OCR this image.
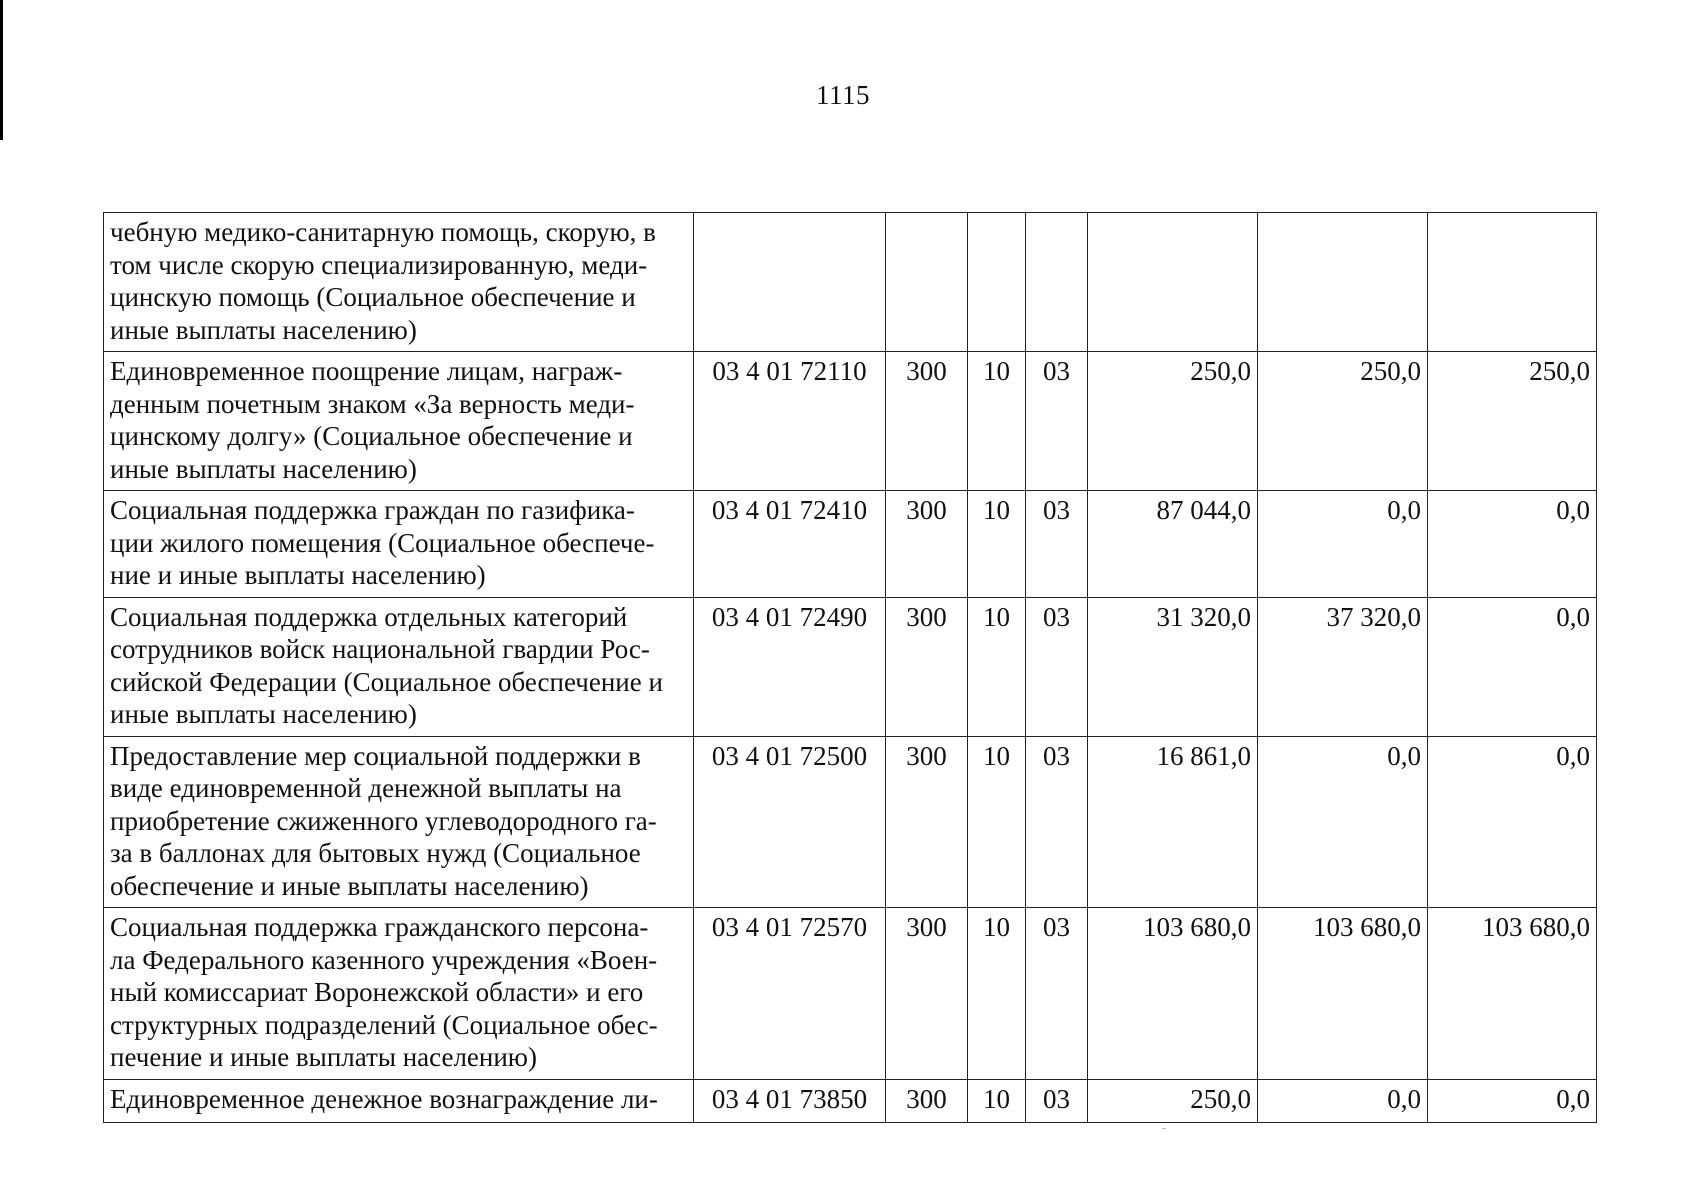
1115
чебную медико-санитарную помощь, скорую, в
том числе скорую специализированную, меди-
цинскую помощь (Социальное обеспечение и
иные выплаты населению)							

Единовременное поощрение лицам, награж-
денным почетным знаком «За верность меди-
цинскому долгу» (Социальное обеспечение и
иные выплаты населению)	03 4 01 72110	300	10	03	250,0	250,0	250,0

Социальная поддержка граждан по газифика-
ции жилого помещения (Социальное обеспече-
ние и иные выплаты населению)	03 4 01 72410	300	10	03	87 044,0	0,0	0,0

Социальная поддержка отдельных категорий
сотрудников войск национальной гвардии Рос-
сийской Федерации (Социальное обеспечение и
иные выплаты населению)	03 4 01 72490	300	10	03	31 320,0	37 320,0	0,0

Предоставление мер социальной поддержки в
виде единовременной денежной выплаты на
приобретение сжиженного углеводородного га-
за в баллонах для бытовых нужд (Социальное
обеспечение и иные выплаты населению)	03 4 01 72500	300	10	03	16 861,0	0,0	0,0

Социальная поддержка гражданского персона-
ла Федерального казенного учреждения «Воен-
ный комиссариат Воронежской области» и его
структурных подразделений (Социальное обес-
печение и иные выплаты населению)	03 4 01 72570	300	10	03	103 680,0	103 680,0	103 680,0

Единовременное денежное вознаграждение ли-	03 4 01 73850	300	10	03	250,0	0,0	0,0
